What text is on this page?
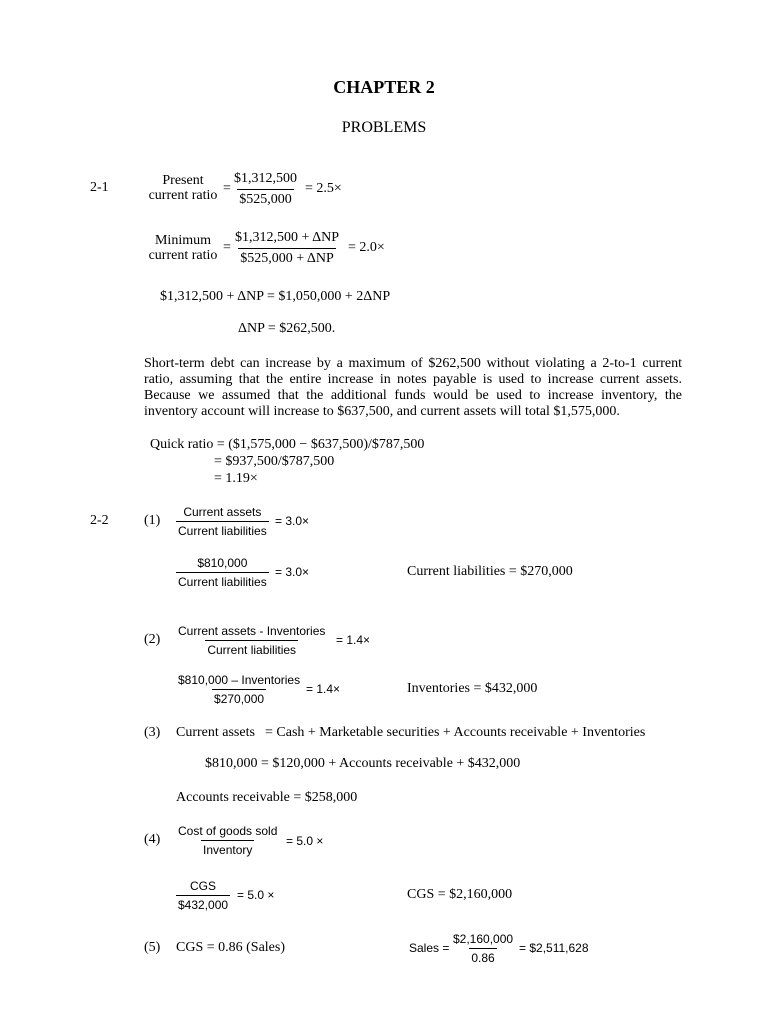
CHAPTER 2
PROBLEMS
2-1	Present
current ratio = $\frac{\$1,312,500}{\$525,000} = 2.5\times$
Minimum
current ratio
=
$1,312,500 + ΔNP
$525,000 + ΔNP
= 2.0×
$1,312,500 + ΔNP = $1,050,000 + 2ΔNP
ΔNP = $262,500.
Short-term debt can increase by a maximum of $262,500 without violating a 2-to-1 current ratio, assuming that the entire increase in notes payable is used to increase current assets. Because we assumed that the additional funds would be used to increase inventory, the inventory account will increase to $637,500, and current assets will total $1,575,000.
Quick ratio = ($1,575,000 − $637,500)/$787,500
= $937,500/$787,500
= 1.19×
2-2	(1)
Current assets
Current liabilities
= 3.0×
$810,000
Current liabilities
= 3.0×	Current liabilities = $270,000
(2)
Current assets - Inventories
Current liabilities
= 1.4×
$810,000 – Inventories
$270,000
= 1.4×	Inventories = $432,000
(3) Current assets = Cash + Marketable securities + Accounts receivable + Inventories
$810,000 = $120,000 + Accounts receivable + $432,000
Accounts receivable = $258,000
(4)
Cost of goods sold
Inventory
= 5.0 ×
CGS
$432,000
= 5.0 ×	CGS = $2,160,000
(5) CGS = 0.86 (Sales)	Sales = $\frac{\$2,160,000}{0.86}$ = $2,511,628
